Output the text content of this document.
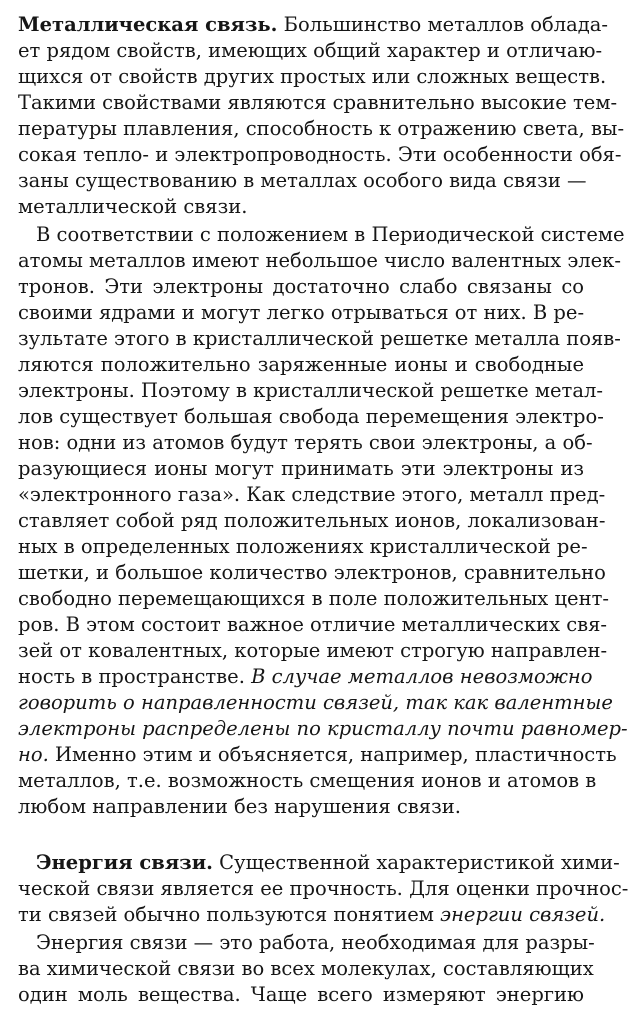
Металлическая связь. Большинство металлов облада-
ет рядом свойств, имеющих общий характер и отличаю-
щихся от свойств других простых или сложных веществ.
Такими свойствами являются сравнительно высокие тем-
пературы плавления, способность к отражению света, вы-
сокая тепло- и электропроводность. Эти особенности обя-
заны существованию в металлах особого вида связи —
металлической связи.
В соответствии с положением в Периодической системе
атомы металлов имеют небольшое число валентных элек-
тронов. Эти электроны достаточно слабо связаны со
своими ядрами и могут легко отрываться от них. В ре-
зультате этого в кристаллической решетке металла появ-
ляются положительно заряженные ионы и свободные
электроны. Поэтому в кристаллической решетке метал-
лов существует большая свобода перемещения электро-
нов: одни из атомов будут терять свои электроны, а об-
разующиеся ионы могут принимать эти электроны из
«электронного газа». Как следствие этого, металл пред-
ставляет собой ряд положительных ионов, локализован-
ных в определенных положениях кристаллической ре-
шетки, и большое количество электронов, сравнительно
свободно перемещающихся в поле положительных цент-
ров. В этом состоит важное отличие металлических свя-
зей от ковалентных, которые имеют строгую направлен-
ность в пространстве. В случае металлов невозможно
говорить о направленности связей, так как валентные
электроны распределены по кристаллу почти равномер-
но. Именно этим и объясняется, например, пластичность
металлов, т.е. возможность смещения ионов и атомов в
любом направлении без нарушения связи.
Энергия связи. Существенной характеристикой хими-
ческой связи является ее прочность. Для оценки прочнос-
ти связей обычно пользуются понятием энергии связей.
Энергия связи — это работа, необходимая для разры-
ва химической связи во всех молекулах, составляющих
один моль вещества. Чаще всего измеряют энергию
